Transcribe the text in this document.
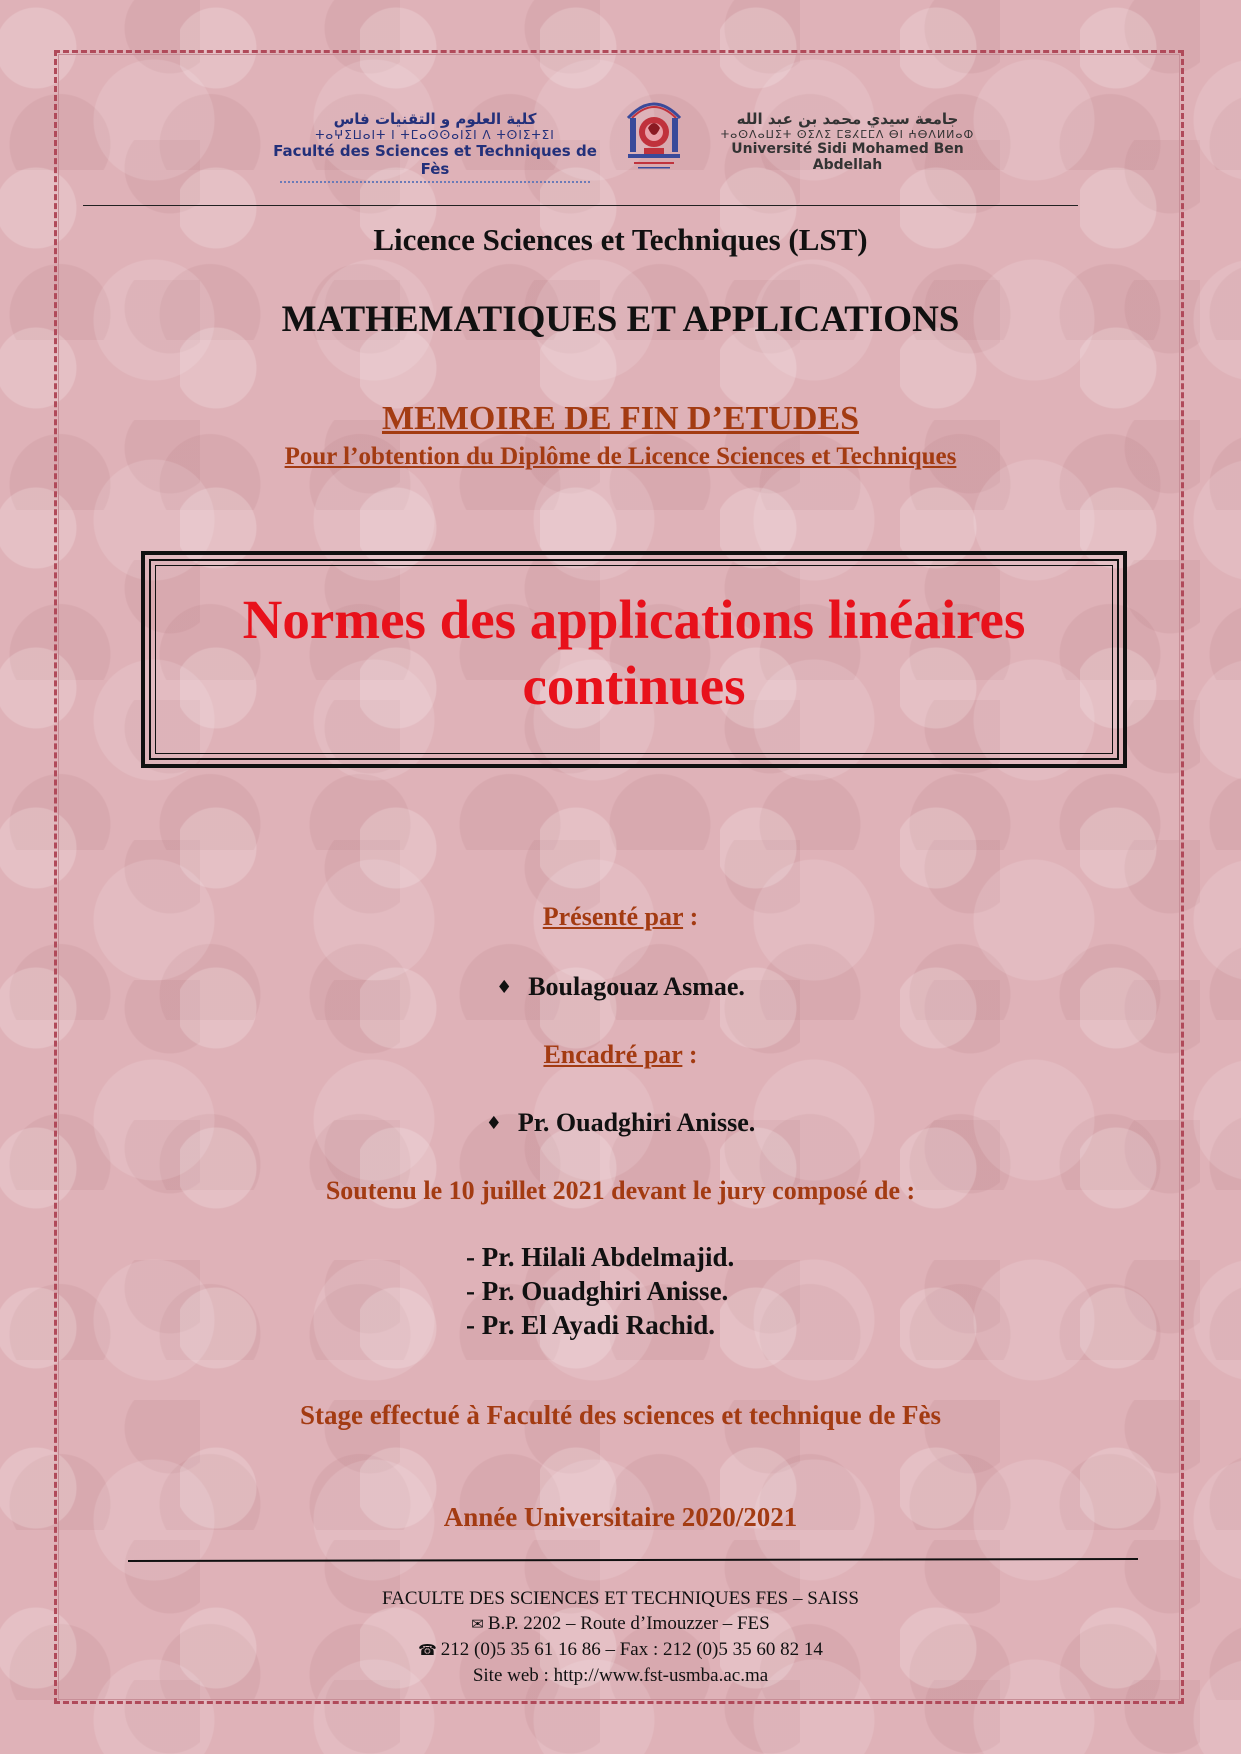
كلية العلوم و التقنيات فاس
ⵜⴰⵖⵉⵡⴰⵏⵜ ⵏ ⵜⵎⴰⵙⵙⴰⵏⵉⵏ ⴷ ⵜⵙⵏⵉⵜⵉⵏ
Faculté des Sciences et Techniques de Fès
جامعة سيدي محمد بن عبد الله
ⵜⴰⵙⴷⴰⵡⵉⵜ ⵙⵉⴷⵉ ⵎⵓⵃⵎⵎⴷ ⴱⵏ ⵄⴱⴷⵍⵍⴰⵀ
Université Sidi Mohamed Ben Abdellah
Licence Sciences et Techniques (LST)
MATHEMATIQUES ET APPLICATIONS
MEMOIRE DE FIN D’ETUDES
Pour l’obtention du Diplôme de Licence Sciences et Techniques
Normes des applications linéaires
continues
Présenté par :
♦ Boulagouaz Asmae.
Encadré par :
♦ Pr. Ouadghiri Anisse.
Soutenu le 10 juillet 2021 devant le jury composé de :
- Pr. Hilali Abdelmajid.
- Pr. Ouadghiri Anisse.
- Pr. El Ayadi Rachid.
Stage effectué à Faculté des sciences et technique de Fès
Année Universitaire 2020/2021
FACULTE DES SCIENCES ET TECHNIQUES FES – SAISS
✉ B.P. 2202 – Route d’Imouzzer – FES
☎ 212 (0)5 35 61 16 86 – Fax : 212 (0)5 35 60 82 14
Site web : http://www.fst-usmba.ac.ma
